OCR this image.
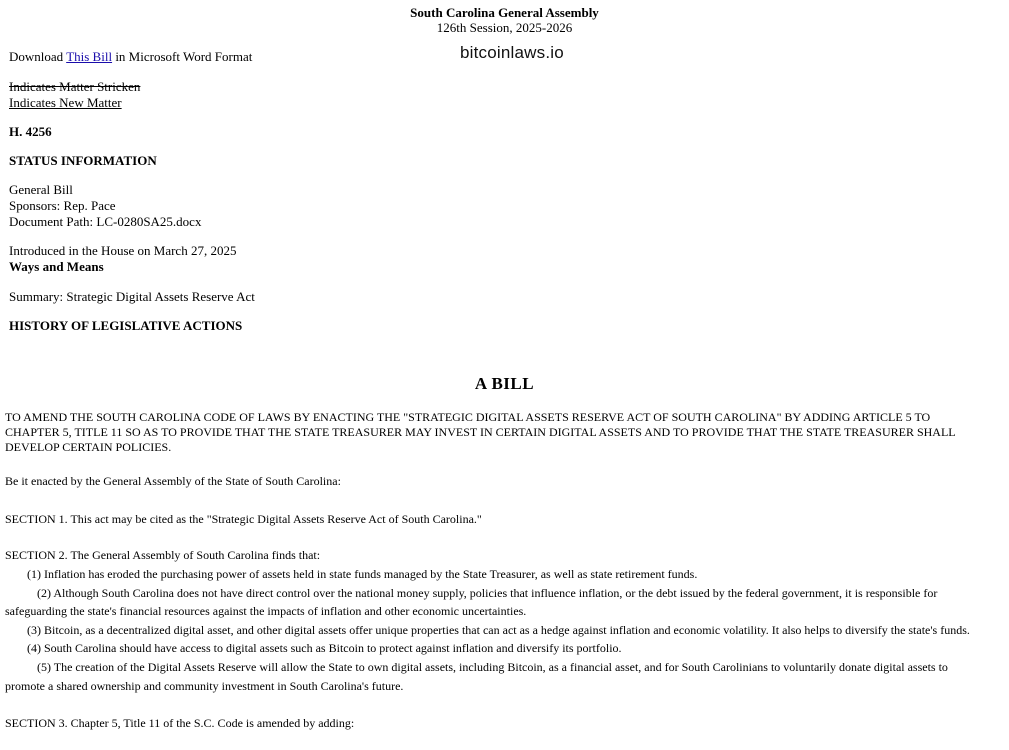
South Carolina General Assembly
126th Session, 2025-2026
bitcoinlaws.io
Download This Bill in Microsoft Word Format
Indicates Matter Stricken
Indicates New Matter
H. 4256
STATUS INFORMATION
General Bill
Sponsors: Rep. Pace
Document Path: LC-0280SA25.docx
Introduced in the House on March 27, 2025
Ways and Means
Summary: Strategic Digital Assets Reserve Act
HISTORY OF LEGISLATIVE ACTIONS
A BILL
TO AMEND THE SOUTH CAROLINA CODE OF LAWS BY ENACTING THE "STRATEGIC DIGITAL ASSETS RESERVE ACT OF SOUTH CAROLINA" BY ADDING ARTICLE 5 TO
CHAPTER 5, TITLE 11 SO AS TO PROVIDE THAT THE STATE TREASURER MAY INVEST IN CERTAIN DIGITAL ASSETS AND TO PROVIDE THAT THE STATE TREASURER SHALL
DEVELOP CERTAIN POLICIES.
Be it enacted by the General Assembly of the State of South Carolina:
SECTION 1. This act may be cited as the "Strategic Digital Assets Reserve Act of South Carolina."
SECTION 2. The General Assembly of South Carolina finds that:
(1) Inflation has eroded the purchasing power of assets held in state funds managed by the State Treasurer, as well as state retirement funds.
(2) Although South Carolina does not have direct control over the national money supply, policies that influence inflation, or the debt issued by the federal government, it is responsible for
safeguarding the state's financial resources against the impacts of inflation and other economic uncertainties.
(3) Bitcoin, as a decentralized digital asset, and other digital assets offer unique properties that can act as a hedge against inflation and economic volatility. It also helps to diversify the state's funds.
(4) South Carolina should have access to digital assets such as Bitcoin to protect against inflation and diversify its portfolio.
(5) The creation of the Digital Assets Reserve will allow the State to own digital assets, including Bitcoin, as a financial asset, and for South Carolinians to voluntarily donate digital assets to
promote a shared ownership and community investment in South Carolina's future.
SECTION 3. Chapter 5, Title 11 of the S.C. Code is amended by adding:
